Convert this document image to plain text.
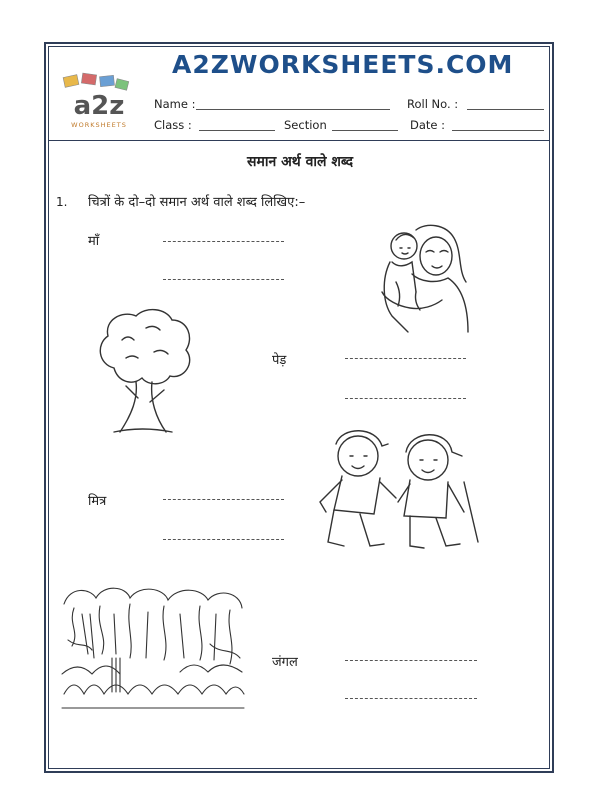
a2z
WORKSHEETS
A2ZWORKSHEETS.COM
Name :	Roll No. :
Class :	Section	Date :
समान अर्थ वाले शब्द
1. चित्रों के दो–दो समान अर्थ वाले शब्द लिखिए:–
माँ
पेड़
मित्र
जंगल
